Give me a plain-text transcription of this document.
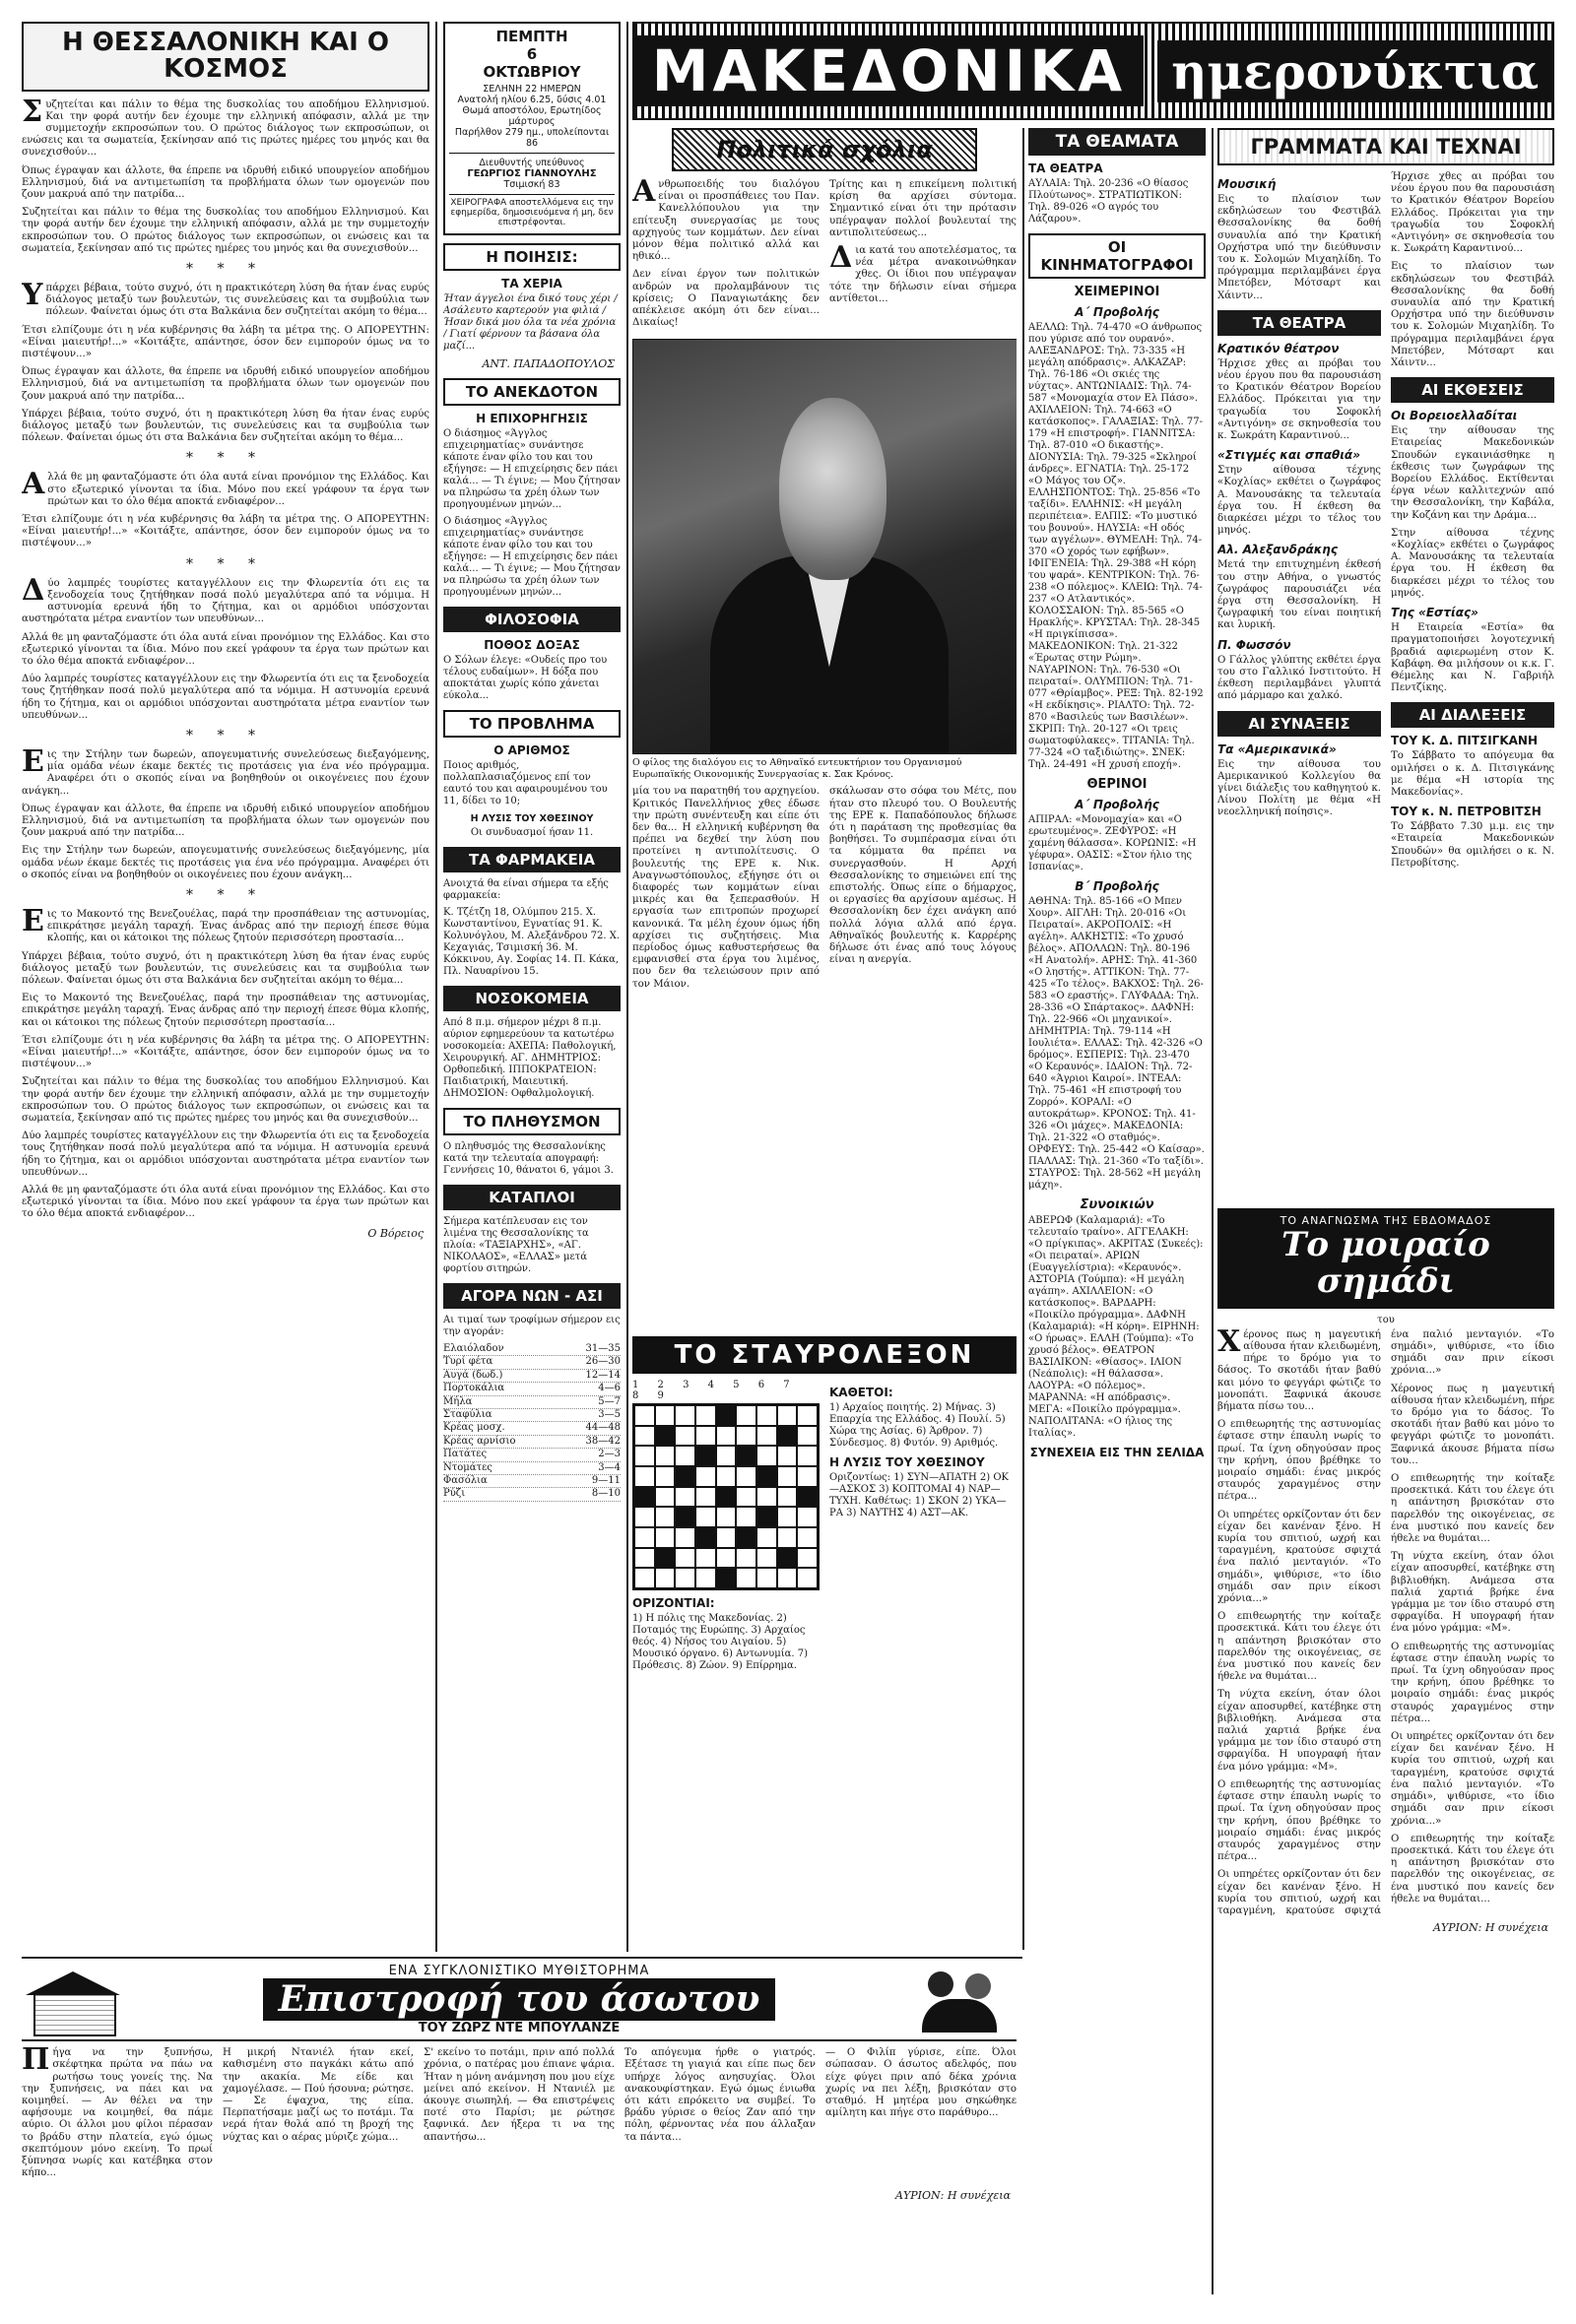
Η ΘΕΣΣΑΛΟΝΙΚΗ ΚΑΙ Ο ΚΟΣΜΟΣ

Συζητείται και πάλιν το θέμα της δυσκολίας του αποδήμου Ελληνισμού. Και την φορά αυτήν δεν έχουμε την ελληνική απόφασιν, αλλά με την συμμετοχήν εκπροσώπων του. Ο πρώτος διάλογος των εκπροσώπων, οι ενώσεις και τα σωματεία, ξεκίνησαν από τις πρώτες ημέρες του μηνός και θα συνεχισθούν...

Όπως έγραψαν και άλλοτε, θα έπρεπε να ιδρυθή ειδικό υπουργείον αποδήμου Ελληνισμού, διά να αντιμετωπίση τα προβλήματα όλων των ομογενών που ζουν μακρυά από την πατρίδα...

Συζητείται και πάλιν το θέμα της δυσκολίας του αποδήμου Ελληνισμού. Και την φορά αυτήν δεν έχουμε την ελληνική απόφασιν, αλλά με την συμμετοχήν εκπροσώπων του. Ο πρώτος διάλογος των εκπροσώπων, οι ενώσεις και τα σωματεία, ξεκίνησαν από τις πρώτες ημέρες του μηνός και θα συνεχισθούν...

* * *

Υπάρχει βέβαια, τούτο συχνό, ότι η πρακτικότερη λύση θα ήταν ένας ευρύς διάλογος μεταξύ των βουλευτών, τις συνελεύσεις και τα συμβούλια των πόλεων. Φαίνεται όμως ότι στα Βαλκάνια δεν συζητείται ακόμη το θέμα...

Έτσι ελπίζουμε ότι η νέα κυβέρνησις θα λάβη τα μέτρα της. Ο ΑΠΟΡΕΥΤΗΝ: «Είναι μαιευτήρ!...» «Κοιτάξτε, απάντησε, όσον δεν ειμπορούν όμως να το πιστέψουν...»

Όπως έγραψαν και άλλοτε, θα έπρεπε να ιδρυθή ειδικό υπουργείον αποδήμου Ελληνισμού, διά να αντιμετωπίση τα προβλήματα όλων των ομογενών που ζουν μακρυά από την πατρίδα...

Υπάρχει βέβαια, τούτο συχνό, ότι η πρακτικότερη λύση θα ήταν ένας ευρύς διάλογος μεταξύ των βουλευτών, τις συνελεύσεις και τα συμβούλια των πόλεων. Φαίνεται όμως ότι στα Βαλκάνια δεν συζητείται ακόμη το θέμα...

* * *

Αλλά θε μη φανταζόμαστε ότι όλα αυτά είναι προνόμιον της Ελλάδος. Και στο εξωτερικό γίνονται τα ίδια. Μόνο που εκεί γράφουν τα έργα των πρώτων και το όλο θέμα αποκτά ενδιαφέρον...

Έτσι ελπίζουμε ότι η νέα κυβέρνησις θα λάβη τα μέτρα της. Ο ΑΠΟΡΕΥΤΗΝ: «Είναι μαιευτήρ!...» «Κοιτάξτε, απάντησε, όσον δεν ειμπορούν όμως να το πιστέψουν...»

* * *

Δύο λαμπρές τουρίστες καταγγέλλουν εις την Φλωρεντία ότι εις τα ξενοδοχεία τους ζητήθηκαν ποσά πολύ μεγαλύτερα από τα νόμιμα. Η αστυνομία ερευνά ήδη το ζήτημα, και οι αρμόδιοι υπόσχονται αυστηρότατα μέτρα εναντίον των υπευθύνων...

Αλλά θε μη φανταζόμαστε ότι όλα αυτά είναι προνόμιον της Ελλάδος. Και στο εξωτερικό γίνονται τα ίδια. Μόνο που εκεί γράφουν τα έργα των πρώτων και το όλο θέμα αποκτά ενδιαφέρον...

Δύο λαμπρές τουρίστες καταγγέλλουν εις την Φλωρεντία ότι εις τα ξενοδοχεία τους ζητήθηκαν ποσά πολύ μεγαλύτερα από τα νόμιμα. Η αστυνομία ερευνά ήδη το ζήτημα, και οι αρμόδιοι υπόσχονται αυστηρότατα μέτρα εναντίον των υπευθύνων...

* * *

Εις την Στήλην των δωρεών, απογευματινής συνελεύσεως διεξαγόμενης, μία ομάδα νέων έκαμε δεκτές τις προτάσεις για ένα νέο πρόγραμμα. Αναφέρει ότι ο σκοπός είναι να βοηθηθούν οι οικογένειες που έχουν ανάγκη...

Όπως έγραψαν και άλλοτε, θα έπρεπε να ιδρυθή ειδικό υπουργείον αποδήμου Ελληνισμού, διά να αντιμετωπίση τα προβλήματα όλων των ομογενών που ζουν μακρυά από την πατρίδα...

Εις την Στήλην των δωρεών, απογευματινής συνελεύσεως διεξαγόμενης, μία ομάδα νέων έκαμε δεκτές τις προτάσεις για ένα νέο πρόγραμμα. Αναφέρει ότι ο σκοπός είναι να βοηθηθούν οι οικογένειες που έχουν ανάγκη...

* * *

Εις το Μακοντό της Βενεζουέλας, παρά την προσπάθειαν της αστυνομίας, επικράτησε μεγάλη ταραχή. Ένας άνδρας από την περιοχή έπεσε θύμα κλοπής, και οι κάτοικοι της πόλεως ζητούν περισσότερη προστασία...

Υπάρχει βέβαια, τούτο συχνό, ότι η πρακτικότερη λύση θα ήταν ένας ευρύς διάλογος μεταξύ των βουλευτών, τις συνελεύσεις και τα συμβούλια των πόλεων. Φαίνεται όμως ότι στα Βαλκάνια δεν συζητείται ακόμη το θέμα...

Εις το Μακοντό της Βενεζουέλας, παρά την προσπάθειαν της αστυνομίας, επικράτησε μεγάλη ταραχή. Ένας άνδρας από την περιοχή έπεσε θύμα κλοπής, και οι κάτοικοι της πόλεως ζητούν περισσότερη προστασία...

Έτσι ελπίζουμε ότι η νέα κυβέρνησις θα λάβη τα μέτρα της. Ο ΑΠΟΡΕΥΤΗΝ: «Είναι μαιευτήρ!...» «Κοιτάξτε, απάντησε, όσον δεν ειμπορούν όμως να το πιστέψουν...»

Συζητείται και πάλιν το θέμα της δυσκολίας του αποδήμου Ελληνισμού. Και την φορά αυτήν δεν έχουμε την ελληνική απόφασιν, αλλά με την συμμετοχήν εκπροσώπων του. Ο πρώτος διάλογος των εκπροσώπων, οι ενώσεις και τα σωματεία, ξεκίνησαν από τις πρώτες ημέρες του μηνός και θα συνεχισθούν...

Δύο λαμπρές τουρίστες καταγγέλλουν εις την Φλωρεντία ότι εις τα ξενοδοχεία τους ζητήθηκαν ποσά πολύ μεγαλύτερα από τα νόμιμα. Η αστυνομία ερευνά ήδη το ζήτημα, και οι αρμόδιοι υπόσχονται αυστηρότατα μέτρα εναντίον των υπευθύνων...

Αλλά θε μη φανταζόμαστε ότι όλα αυτά είναι προνόμιον της Ελλάδος. Και στο εξωτερικό γίνονται τα ίδια. Μόνο που εκεί γράφουν τα έργα των πρώτων και το όλο θέμα αποκτά ενδιαφέρον...

Ο Βόρειος
ΠΕΜΠΤΗ
6
ΟΚΤΩΒΡΙΟΥ
ΣΕΛΗΝΗ 22 ΗΜΕΡΩΝ
Ανατολή ηλίου 6.25, δύσις 4.01
Θωμά αποστόλου, Ερωτηίδος μάρτυρος
Παρήλθον 279 ημ., υπολείπονται 86
Διευθυντής υπεύθυνος
ΓΕΩΡΓΙΟΣ ΓΙΑΝΝΟΥΛΗΣ
Τσιμισκή 83
ΧΕΙΡΟΓΡΑΦΑ αποστελλόμενα εις την εφημερίδα, δημοσιευόμενα ή μη, δεν επιστρέφονται.
Η ΠΟΙΗΣΙΣ:
ΤΑ ΧΕΡΙΑ

Ήταν άγγελοι ένα δικό τους χέρι / Ασάλευτο καρτερούν για φιλιά / Ήσαν δικά μου όλα τα νέα χρόνια / Γιατί φέρνουν τα βάσανα όλα μαζί...

ΑΝΤ. ΠΑΠΑΔΟΠΟΥΛΟΣ
ΤΟ ΑΝΕΚΔΟΤΟΝ
Η ΕΠΙΧΟΡΗΓΗΣΙΣ

Ο διάσημος «Άγγλος επιχειρηματίας» συνάντησε κάποτε έναν φίλο του και του εξήγησε: — Η επιχείρησις δεν πάει καλά... — Τι έγινε; — Μου ζήτησαν να πληρώσω τα χρέη όλων των προηγουμένων μηνών...

Ο διάσημος «Άγγλος επιχειρηματίας» συνάντησε κάποτε έναν φίλο του και του εξήγησε: — Η επιχείρησις δεν πάει καλά... — Τι έγινε; — Μου ζήτησαν να πληρώσω τα χρέη όλων των προηγουμένων μηνών...

ΦΙΛΟΣΟΦΙΑ
ΠΟΘΟΣ ΔΟΞΑΣ

Ο Σόλων έλεγε: «Ουδείς προ του τέλους ευδαίμων». Η δόξα που αποκτάται χωρίς κόπο χάνεται εύκολα...

ΤΟ ΠΡΟΒΛΗΜΑ
Ο ΑΡΙΘΜΟΣ

Ποιος αριθμός, πολλαπλασιαζόμενος επί τον εαυτό του και αφαιρουμένου του 11, δίδει το 10;

Η ΛΥΣΙΣ ΤΟΥ ΧΘΕΣΙΝΟΥ

Οι συνδυασμοί ήσαν 11.

ΤΑ ΦΑΡΜΑΚΕΙΑ

Ανοιχτά θα είναι σήμερα τα εξής φαρμακεία:

Κ. Τζέτζη 18, Ολύμπου 215. Χ. Κωνσταντίνου, Εγνατίας 91. Κ. Κολυνόγλου, Μ. Αλεξάνδρου 72. Χ. Κεχαγιάς, Τσιμισκή 36. Μ. Κόκκινου, Αγ. Σοφίας 14. Π. Κάκα, Πλ. Ναυαρίνου 15.

ΝΟΣΟΚΟΜΕΙΑ

Από 8 π.μ. σήμερον μέχρι 8 π.μ. αύριον εφημερεύουν τα κατωτέρω νοσοκομεία: ΑΧΕΠΑ: Παθολογική, Χειρουργική. ΑΓ. ΔΗΜΗΤΡΙΟΣ: Ορθοπεδική. ΙΠΠΟΚΡΑΤΕΙΟΝ: Παιδιατρική, Μαιευτική. ΔΗΜΟΣΙΟΝ: Οφθαλμολογική.

ΤΟ ΠΛΗΘΥΣΜΟΝ

Ο πληθυσμός της Θεσσαλονίκης κατά την τελευταία απογραφή: Γεννήσεις 10, θάνατοι 6, γάμοι 3.

ΚΑΤΑΠΛΟΙ

Σήμερα κατέπλευσαν εις τον λιμένα της Θεσσαλονίκης τα πλοία: «ΤΑΞΙΑΡΧΗΣ», «ΑΓ. ΝΙΚΟΛΑΟΣ», «ΕΛΛΑΣ» μετά φορτίου σιτηρών.

ΑΓΟΡΑ ΝΩΝ - ΑΣΙ

Αι τιμαί των τροφίμων σήμερον εις την αγοράν:

Ελαιόλαδον	31—35
Τυρί φέτα	26—30
Αυγά (δωδ.)	12—14
Πορτοκάλια	4—6
Μήλα	5—7
Σταφύλια	3—5
Κρέας μοσχ.	44—48
Κρέας αρνίσιο	38—42
Πατάτες	2—3
Ντομάτες	3—4
Φασόλια	9—11
Ρύζι	8—10
ΜΑΚΕΔΟΝΙΚΑ ημερονύκτια
Πολιτικά σχόλια

Ανθρωποειδής του διαλόγου είναι οι προσπάθειες του Παν. Κανελλόπουλου για την επίτευξη συνεργασίας με τους αρχηγούς των κομμάτων. Δεν είναι μόνον θέμα πολιτικό αλλά και ηθικό...

Δεν είναι έργον των πολιτικών ανδρών να προλαμβάνουν τις κρίσεις; Ο Παναγιωτάκης δεν απέκλεισε ακόμη ότι δεν είναι... Δικαίως!

Τρίτης και η επικείμενη πολιτική κρίση θα αρχίσει σύντομα. Σημαντικό είναι ότι την πρότασιν υπέγραψαν πολλοί βουλευταί της αντιπολιτεύσεως...

Δια κατά του αποτελέσματος, τα νέα μέτρα ανακοινώθηκαν χθες. Οι ίδιοι που υπέγραψαν τότε την δήλωσιν είναι σήμερα αντίθετοι...

Ο φίλος της διαλόγου εις το Αθηναϊκό εντευκτήριον του Οργανισμού Ευρωπαϊκής Οικονομικής Συνεργασίας κ. Σακ Κρόνος.

μία του να παρατηθή του αρχηγείου. Κριτικός Πανελλήνιος χθες έδωσε την πρώτη συνέντευξη και είπε ότι δεν θα... Η ελληνική κυβέρνηση θα πρέπει να δεχθεί την λύση που προτείνει η αντιπολίτευσις. Ο βουλευτής της ΕΡΕ κ. Νικ. Αναγνωστόπουλος, εξήγησε ότι οι διαφορές των κομμάτων είναι μικρές και θα ξεπερασθούν. Η εργασία των επιτροπών προχωρεί κανονικά. Τα μέλη έχουν όμως ήδη αρχίσει τις συζητήσεις. Μια περίοδος όμως καθυστερήσεως θα εμφανισθεί στα έργα του λιμένος, που δεν θα τελειώσουν πριν από τον Μάιον.

σκάλωσαν στο σόφα του Μέτς, που ήταν στο πλευρό του. Ο Βουλευτής της ΕΡΕ κ. Παπαδόπουλος δήλωσε ότι η παράταση της προθεσμίας θα βοηθήσει. Το συμπέρασμα είναι ότι τα κόμματα θα πρέπει να συνεργασθούν. Η Αρχή Θεσσαλονίκης το σημειώνει επί της επιστολής. Όπως είπε ο δήμαρχος, οι εργασίες θα αρχίσουν αμέσως. Η Θεσσαλονίκη δεν έχει ανάγκη από πολλά λόγια αλλά από έργα. Αθηναϊκός βουλευτής κ. Καρρέρης δήλωσε ότι ένας από τους λόγους είναι η ανεργία.

ΤΟ ΣΤΑΥΡΟΛΕΞΟΝ
1 2 3 4 5 6 7 8 9
ΟΡΙΖΟΝΤΙΑΙ:

1) Η πόλις της Μακεδονίας. 2) Ποταμός της Ευρώπης. 3) Αρχαίος θεός. 4) Νήσος του Αιγαίου. 5) Μουσικό όργανο. 6) Αντωνυμία. 7) Πρόθεσις. 8) Ζώον. 9) Επίρρημα.

ΚΑΘΕΤΟΙ:

1) Αρχαίος ποιητής. 2) Μήνας. 3) Επαρχία της Ελλάδος. 4) Πουλί. 5) Χώρα της Ασίας. 6) Άρθρον. 7) Σύνδεσμος. 8) Φυτόν. 9) Αριθμός.

Η ΛΥΣΙΣ ΤΟΥ ΧΘΕΣΙΝΟΥ

Οριζοντίως: 1) ΣΥΝ—ΑΠΑΤΗ 2) ΟΚ—ΑΣΚΟΣ 3) ΚΟΠΤΟΜΑΙ 4) ΝΑΡ—ΤΥΧΗ. Καθέτως: 1) ΣΚΟΝ 2) ΥΚΑ—ΡΑ 3) ΝΑΥΤΗΣ 4) ΑΣΤ—ΑΚ.

ΤΑ ΘΕΑΜΑΤΑ
ΤΑ ΘΕΑΤΡΑ

ΑΥΛΑΙΑ: Τηλ. 20-236 «Ο θίασος Πλούτωνος». ΣΤΡΑΤΙΩΤΙΚΟΝ: Τηλ. 89-026 «Ο αγρός του Λάζαρου».

ΟΙ ΚΙΝΗΜΑΤΟΓΡΑΦΟΙ
ΧΕΙΜΕΡΙΝΟΙ
Α΄ Προβολής

ΑΕΛΛΩ: Τηλ. 74-470 «Ο άνθρωπος που γύρισε από τον ουρανό». ΑΛΕΞΑΝΔΡΟΣ: Τηλ. 73-335 «Η μεγάλη απόδρασις». ΑΛΚΑΖΑΡ: Τηλ. 76-186 «Οι σκιές της νύχτας». ΑΝΤΩΝΙΑΔΙΣ: Τηλ. 74-587 «Μονομαχία στον Ελ Πάσο». ΑΧΙΛΛΕΙΟΝ: Τηλ. 74-663 «Ο κατάσκοπος». ΓΑΛΑΞΙΑΣ: Τηλ. 77-179 «Η επιστροφή». ΓΙΑΝΝΙΤΣΑ: Τηλ. 87-010 «Ο δικαστής». ΔΙΟΝΥΣΙΑ: Τηλ. 79-325 «Σκληροί άνδρες». ΕΓΝΑΤΙΑ: Τηλ. 25-172 «Ο Μάγος του Οζ». ΕΛΛΗΣΠΟΝΤΟΣ: Τηλ. 25-856 «Το ταξίδι». ΕΛΛΗΝΙΣ: «Η μεγάλη περιπέτεια». ΕΛΠΙΣ: «Το μυστικό του βουνού». ΗΛΥΣΙΑ: «Η οδός των αγγέλων». ΘΥΜΕΛΗ: Τηλ. 74-370 «Ο χορός των εφήβων». ΙΦΙΓΕΝΕΙΑ: Τηλ. 29-388 «Η κόρη του ψαρά». ΚΕΝΤΡΙΚΟΝ: Τηλ. 76-238 «Ο πόλεμος». ΚΛΕΙΩ: Τηλ. 74-237 «Ο Ατλαντικός». ΚΟΛΟΣΣΑΙΟΝ: Τηλ. 85-565 «Ο Ηρακλής». ΚΡΥΣΤΑΛ: Τηλ. 28-345 «Η πριγκίπισσα». ΜΑΚΕΔΟΝΙΚΟΝ: Τηλ. 21-322 «Έρωτας στην Ρώμη». ΝΑΥΑΡΙΝΟΝ: Τηλ. 76-530 «Οι πειραταί». ΟΛΥΜΠΙΟΝ: Τηλ. 71-077 «Θρίαμβος». ΡΕΞ: Τηλ. 82-192 «Η εκδίκησις». ΡΙΑΛΤΟ: Τηλ. 72-870 «Βασιλεύς των Βασιλέων». ΣΚΡΙΠ: Τηλ. 20-127 «Οι τρεις σωματοφύλακες». ΤΙΤΑΝΙΑ: Τηλ. 77-324 «Ο ταξιδιώτης». ΣΝΕΚ: Τηλ. 24-491 «Η χρυσή εποχή».

ΘΕΡΙΝΟΙ
Α΄ Προβολής

ΑΠΙΡΑΛ: «Μονομαχία» και «Ο ερωτευμένος». ΖΕΦΥΡΟΣ: «Η χαμένη θάλασσα». ΚΟΡΩΝΙΣ: «Η γέφυρα». ΟΑΣΙΣ: «Στον ήλιο της Ισπανίας».

Β΄ Προβολής

ΑΘΗΝΑ: Τηλ. 85-166 «Ο Μπεν Χουρ». ΑΙΓΛΗ: Τηλ. 20-016 «Οι Πειραταί». ΑΚΡΟΠΟΛΙΣ: «Η αγέλη». ΑΛΚΗΣΤΙΣ: «Το χρυσό βέλος». ΑΠΟΛΛΩΝ: Τηλ. 80-196 «Η Ανατολή». ΑΡΗΣ: Τηλ. 41-360 «Ο ληστής». ΑΤΤΙΚΟΝ: Τηλ. 77-425 «Το τέλος». ΒΑΚΧΟΣ: Τηλ. 26-583 «Ο εραστής». ΓΛΥΦΑΔΑ: Τηλ. 28-336 «Ο Σπάρτακος». ΔΑΦΝΗ: Τηλ. 22-966 «Οι μηχανικοί». ΔΗΜΗΤΡΙΑ: Τηλ. 79-114 «Η Ιουλιέτα». ΕΛΛΑΣ: Τηλ. 42-326 «Ο δρόμος». ΕΣΠΕΡΙΣ: Τηλ. 23-470 «Ο Κεραυνός». ΙΔΑΙΟΝ: Τηλ. 72-640 «Άγριοι Καιροί». ΙΝΤΕΑΛ: Τηλ. 75-461 «Η επιστροφή του Ζορρό». ΚΟΡΑΛΙ: «Ο αυτοκράτωρ». ΚΡΟΝΟΣ: Τηλ. 41-326 «Οι μάχες». ΜΑΚΕΔΟΝΙΑ: Τηλ. 21-322 «Ο σταθμός». ΟΡΦΕΥΣ: Τηλ. 25-442 «Ο Καίσαρ». ΠΑΛΛΑΣ: Τηλ. 21-360 «Το ταξίδι». ΣΤΑΥΡΟΣ: Τηλ. 28-562 «Η μεγάλη μάχη».

Συνοικιών

ΑΒΕΡΩΦ (Καλαμαριά): «Το τελευταίο τραίνο». ΑΓΓΕΛΑΚΗ: «Ο πρίγκιπας». ΑΚΡΙΤΑΣ (Συκεές): «Οι πειραταί». ΑΡΙΩΝ (Ευαγγελίστρια): «Κεραυνός». ΑΣΤΟΡΙΑ (Τούμπα): «Η μεγάλη αγάπη». ΑΧΙΛΛΕΙΟΝ: «Ο κατάσκοπος». ΒΑΡΔΑΡΗ: «Ποικίλο πρόγραμμα». ΔΑΦΝΗ (Καλαμαριά): «Η κόρη». ΕΙΡΗΝΗ: «Ο ήρωας». ΕΛΛΗ (Τούμπα): «Το χρυσό βέλος». ΘΕΑΤΡΟΝ ΒΑΣΙΛΙΚΟΝ: «Θίασος». ΙΛΙΟΝ (Νεάπολις): «Η θάλασσα». ΛΑΟΥΡΑ: «Ο πόλεμος». ΜΑΡΑΝΝΑ: «Η απόδρασις». ΜΕΓΑ: «Ποικίλο πρόγραμμα». ΝΑΠΟΛΙΤΑΝΑ: «Ο ήλιος της Ιταλίας».

ΣΥΝΕΧΕΙΑ ΕΙΣ ΤΗΝ ΣΕΛΙΔΑ
ΓΡΑΜΜΑΤΑ ΚΑΙ ΤΕΧΝΑΙ
Μουσική

Εις το πλαίσιον των εκδηλώσεων του Φεστιβάλ Θεσσαλονίκης θα δοθή συναυλία από την Κρατική Ορχήστρα υπό την διεύθυνσιν του κ. Σολομών Μιχαηλίδη. Το πρόγραμμα περιλαμβάνει έργα Μπετόβεν, Μότσαρτ και Χάιντν...

ΤΑ ΘΕΑΤΡΑ
Κρατικόν θέατρον

Ήρχισε χθες αι πρόβαι του νέου έργου που θα παρουσιάση το Κρατικόν Θέατρον Βορείου Ελλάδος. Πρόκειται για την τραγωδία του Σοφοκλή «Αντιγόνη» σε σκηνοθεσία του κ. Σωκράτη Καραντινού...

«Στιγμές και σπαθιά»

Στην αίθουσα τέχνης «Κοχλίας» εκθέτει ο ζωγράφος Α. Μανουσάκης τα τελευταία έργα του. Η έκθεση θα διαρκέσει μέχρι το τέλος του μηνός.

Αλ. Αλεξανδράκης

Μετά την επιτυχημένη έκθεσή του στην Αθήνα, ο γνωστός ζωγράφος παρουσιάζει νέα έργα στη Θεσσαλονίκη. Η ζωγραφική του είναι ποιητική και λυρική.

Π. Φωσσόν

Ο Γάλλος γλύπτης εκθέτει έργα του στο Γαλλικό Ινστιτούτο. Η έκθεση περιλαμβάνει γλυπτά από μάρμαρο και χαλκό.

ΑΙ ΣΥΝΑΞΕΙΣ
Τα «Αμερικανικά»

Εις την αίθουσα του Αμερικανικού Κολλεγίου θα γίνει διάλεξις του καθηγητού κ. Λίνου Πολίτη με θέμα «Η νεοελληνική ποίησις».

Ήρχισε χθες αι πρόβαι του νέου έργου που θα παρουσιάση το Κρατικόν Θέατρον Βορείου Ελλάδος. Πρόκειται για την τραγωδία του Σοφοκλή «Αντιγόνη» σε σκηνοθεσία του κ. Σωκράτη Καραντινού...

Εις το πλαίσιον των εκδηλώσεων του Φεστιβάλ Θεσσαλονίκης θα δοθή συναυλία από την Κρατική Ορχήστρα υπό την διεύθυνσιν του κ. Σολομών Μιχαηλίδη. Το πρόγραμμα περιλαμβάνει έργα Μπετόβεν, Μότσαρτ και Χάιντν...

ΑΙ ΕΚΘΕΣΕΙΣ
Οι Βορειοελλαδίται

Εις την αίθουσαν της Εταιρείας Μακεδονικών Σπουδών εγκαινιάσθηκε η έκθεσις των ζωγράφων της Βορείου Ελλάδος. Εκτίθενται έργα νέων καλλιτεχνών από την Θεσσαλονίκη, την Καβάλα, την Κοζάνη και την Δράμα...

Στην αίθουσα τέχνης «Κοχλίας» εκθέτει ο ζωγράφος Α. Μανουσάκης τα τελευταία έργα του. Η έκθεση θα διαρκέσει μέχρι το τέλος του μηνός.

Της «Εστίας»

Η Εταιρεία «Εστία» θα πραγματοποιήσει λογοτεχνική βραδιά αφιερωμένη στον Κ. Καβάφη. Θα μιλήσουν οι κ.κ. Γ. Θέμελης και Ν. Γαβριήλ Πεντζίκης.

ΑΙ ΔΙΑΛΕΞΕΙΣ
ΤΟΥ Κ. Δ. ΠΙΤΣΙΓΚΑΝΗ

Το Σάββατο το απόγευμα θα ομιλήσει ο κ. Δ. Πιτσιγκάνης με θέμα «Η ιστορία της Μακεδονίας».

ΤΟΥ κ. Ν. ΠΕΤΡΟΒΙΤΣΗ

Το Σάββατο 7.30 μ.μ. εις την «Εταιρεία Μακεδονικών Σπουδών» θα ομιλήσει ο κ. Ν. Πετροβίτσης.

ΤΟ ΑΝΑΓΝΩΣΜΑ ΤΗΣ ΕΒΔΟΜΑΔΟΣ
Το μοιραίο σημάδι
του

Χέρονος πως η μαγευτική αίθουσα ήταν κλειδωμένη, πήρε το δρόμο για το δάσος. Το σκοτάδι ήταν βαθύ και μόνο το φεγγάρι φώτιζε το μονοπάτι. Ξαφνικά άκουσε βήματα πίσω του...

Ο επιθεωρητής της αστυνομίας έφτασε στην έπαυλη νωρίς το πρωί. Τα ίχνη οδηγούσαν προς την κρήνη, όπου βρέθηκε το μοιραίο σημάδι: ένας μικρός σταυρός χαραγμένος στην πέτρα...

Οι υπηρέτες ορκίζονταν ότι δεν είχαν δει κανέναν ξένο. Η κυρία του σπιτιού, ωχρή και ταραγμένη, κρατούσε σφιχτά ένα παλιό μενταγιόν. «Το σημάδι», ψιθύρισε, «το ίδιο σημάδι σαν πριν είκοσι χρόνια...»

Ο επιθεωρητής την κοίταξε προσεκτικά. Κάτι του έλεγε ότι η απάντηση βρισκόταν στο παρελθόν της οικογένειας, σε ένα μυστικό που κανείς δεν ήθελε να θυμάται...

Τη νύχτα εκείνη, όταν όλοι είχαν αποσυρθεί, κατέβηκε στη βιβλιοθήκη. Ανάμεσα στα παλιά χαρτιά βρήκε ένα γράμμα με τον ίδιο σταυρό στη σφραγίδα. Η υπογραφή ήταν ένα μόνο γράμμα: «Μ».

Ο επιθεωρητής της αστυνομίας έφτασε στην έπαυλη νωρίς το πρωί. Τα ίχνη οδηγούσαν προς την κρήνη, όπου βρέθηκε το μοιραίο σημάδι: ένας μικρός σταυρός χαραγμένος στην πέτρα...

Οι υπηρέτες ορκίζονταν ότι δεν είχαν δει κανέναν ξένο. Η κυρία του σπιτιού, ωχρή και ταραγμένη, κρατούσε σφιχτά ένα παλιό μενταγιόν. «Το σημάδι», ψιθύρισε, «το ίδιο σημάδι σαν πριν είκοσι χρόνια...»

Χέρονος πως η μαγευτική αίθουσα ήταν κλειδωμένη, πήρε το δρόμο για το δάσος. Το σκοτάδι ήταν βαθύ και μόνο το φεγγάρι φώτιζε το μονοπάτι. Ξαφνικά άκουσε βήματα πίσω του...

Ο επιθεωρητής την κοίταξε προσεκτικά. Κάτι του έλεγε ότι η απάντηση βρισκόταν στο παρελθόν της οικογένειας, σε ένα μυστικό που κανείς δεν ήθελε να θυμάται...

Τη νύχτα εκείνη, όταν όλοι είχαν αποσυρθεί, κατέβηκε στη βιβλιοθήκη. Ανάμεσα στα παλιά χαρτιά βρήκε ένα γράμμα με τον ίδιο σταυρό στη σφραγίδα. Η υπογραφή ήταν ένα μόνο γράμμα: «Μ».

Ο επιθεωρητής της αστυνομίας έφτασε στην έπαυλη νωρίς το πρωί. Τα ίχνη οδηγούσαν προς την κρήνη, όπου βρέθηκε το μοιραίο σημάδι: ένας μικρός σταυρός χαραγμένος στην πέτρα...

Οι υπηρέτες ορκίζονταν ότι δεν είχαν δει κανέναν ξένο. Η κυρία του σπιτιού, ωχρή και ταραγμένη, κρατούσε σφιχτά ένα παλιό μενταγιόν. «Το σημάδι», ψιθύρισε, «το ίδιο σημάδι σαν πριν είκοσι χρόνια...»

Ο επιθεωρητής την κοίταξε προσεκτικά. Κάτι του έλεγε ότι η απάντηση βρισκόταν στο παρελθόν της οικογένειας, σε ένα μυστικό που κανείς δεν ήθελε να θυμάται...

ΑΥΡΙΟΝ: Η συνέχεια
ΕΝΑ ΣΥΓΚΛΟΝΙΣΤΙΚΟ ΜΥΘΙΣΤΟΡΗΜΑ
Επιστροφή του άσωτου
ΤΟΥ ΖΩΡΖ ΝΤΕ ΜΠΟΥΛΑΝΖΕ

Πήγα να την ξυπνήσω, σκέφτηκα πρώτα να πάω να ρωτήσω τους γονείς της. Να την ξυπνήσεις, να πάει και να κοιμηθεί. — Αν θέλει να την αφήσουμε να κοιμηθεί, θα πάμε αύριο. Οι άλλοι μου φίλοι πέρασαν το βράδυ στην πλατεία, εγώ όμως σκεπτόμουν μόνο εκείνη. Το πρωί ξύπνησα νωρίς και κατέβηκα στον κήπο...

Η μικρή Ντανιέλ ήταν εκεί, καθισμένη στο παγκάκι κάτω από την ακακία. Με είδε και χαμογέλασε. — Πού ήσουνα; ρώτησε. — Σε έψαχνα, της είπα. Περπατήσαμε μαζί ως το ποτάμι. Τα νερά ήταν θολά από τη βροχή της νύχτας και ο αέρας μύριζε χώμα...

Σ' εκείνο το ποτάμι, πριν από πολλά χρόνια, ο πατέρας μου έπιανε ψάρια. Ήταν η μόνη ανάμνηση που μου είχε μείνει από εκείνον. Η Ντανιέλ με άκουγε σιωπηλή. — Θα επιστρέψεις ποτέ στο Παρίσι; με ρώτησε ξαφνικά. Δεν ήξερα τι να της απαντήσω...

Το απόγευμα ήρθε ο γιατρός. Εξέτασε τη γιαγιά και είπε πως δεν υπήρχε λόγος ανησυχίας. Όλοι ανακουφίστηκαν. Εγώ όμως ένιωθα ότι κάτι επρόκειτο να συμβεί. Το βράδυ γύρισε ο θείος Ζαν από την πόλη, φέρνοντας νέα που άλλαξαν τα πάντα...

— Ο Φιλίπ γύρισε, είπε. Όλοι σώπασαν. Ο άσωτος αδελφός, που είχε φύγει πριν από δέκα χρόνια χωρίς να πει λέξη, βρισκόταν στο σταθμό. Η μητέρα μου σηκώθηκε αμίλητη και πήγε στο παράθυρο...

ΑΥΡΙΟΝ: Η συνέχεια
